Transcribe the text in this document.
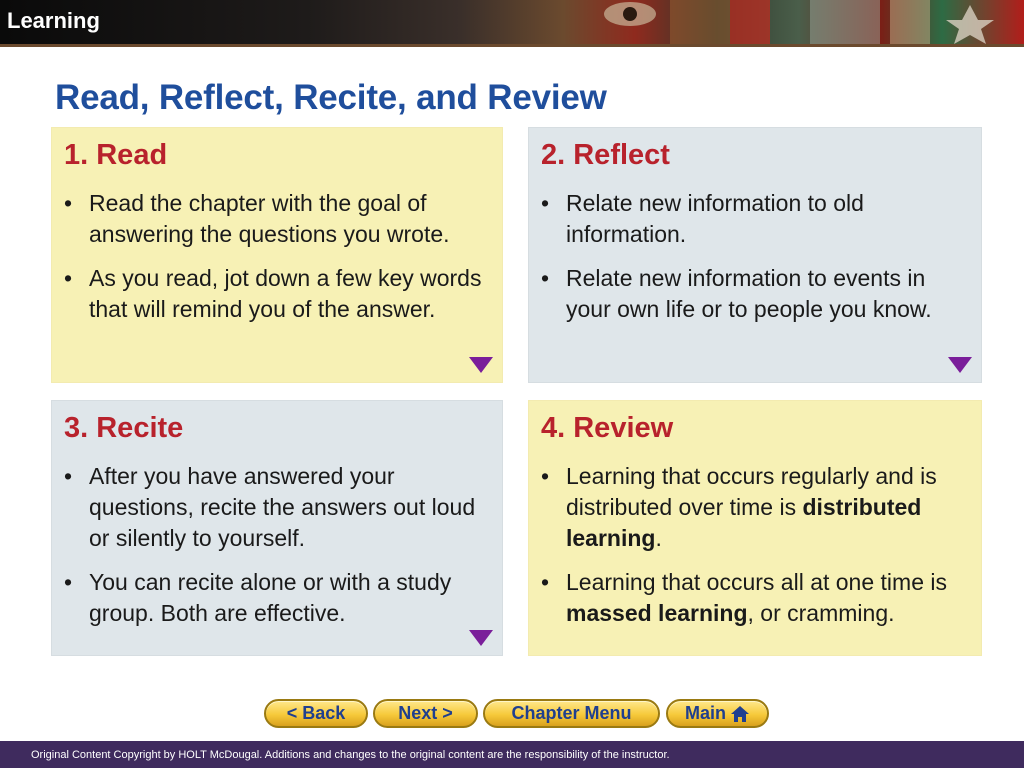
Learning
Read, Reflect, Recite, and Review
1. Read
• Read the chapter with the goal of answering the questions you wrote.
• As you read, jot down a few key words that will remind you of the answer.
2. Reflect
• Relate new information to old information.
• Relate new information to events in your own life or to people you know.
3. Recite
• After you have answered your questions, recite the answers out loud or silently to yourself.
• You can recite alone or with a study group. Both are effective.
4. Review
• Learning that occurs regularly and is distributed over time is distributed learning.
• Learning that occurs all at one time is massed learning, or cramming.
< Back	Next >	Chapter Menu	Main
Original Content Copyright by HOLT McDougal. Additions and changes to the original content are the responsibility of the instructor.
